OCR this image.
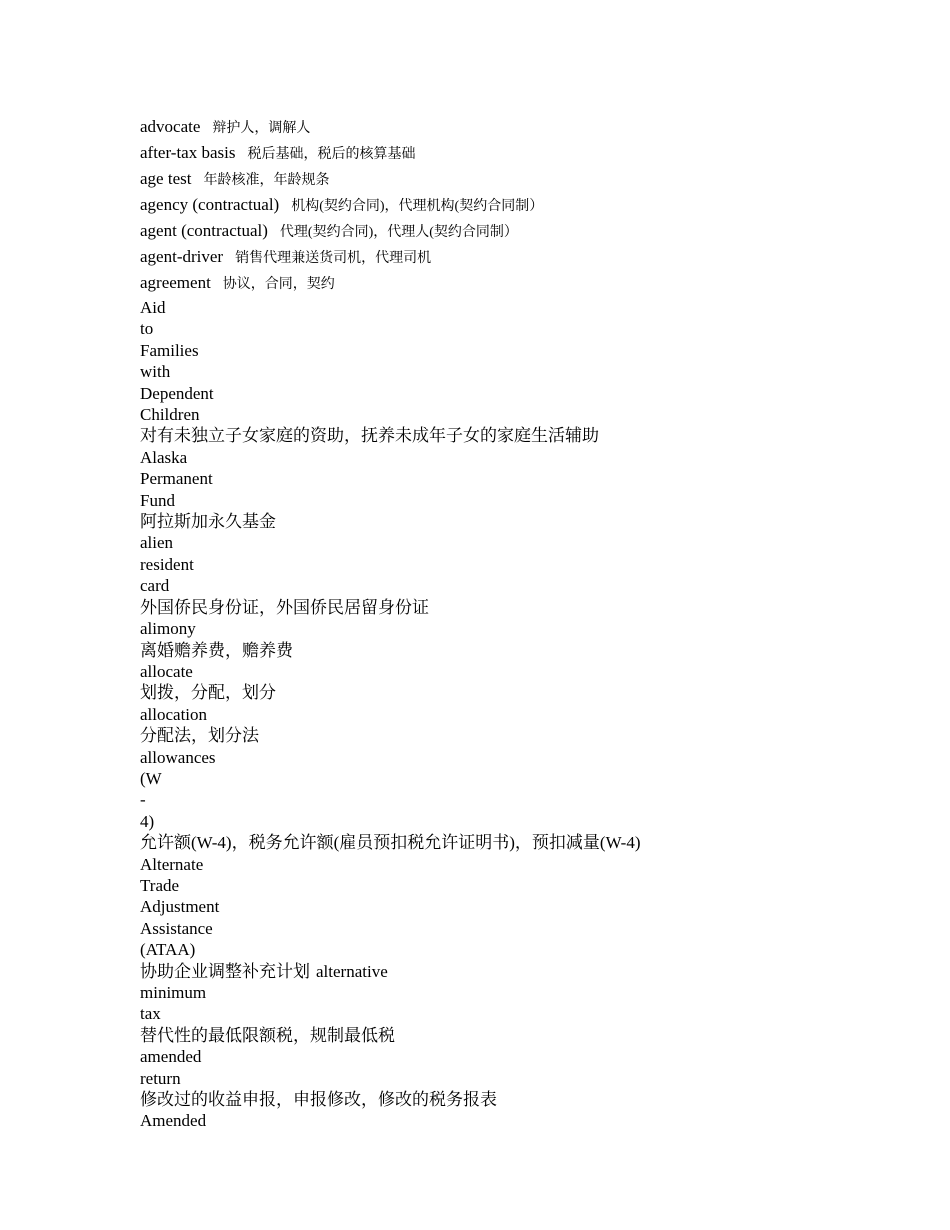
advocate 辩护人，调解人
after-tax basis 税后基础，税后的核算基础
age test 年龄核准，年龄规条
agency (contractual) 机构(契约合同)，代理机构(契约合同制）
agent (contractual) 代理(契约合同)，代理人(契约合同制）
agent-driver 销售代理兼送货司机，代理司机
agreement 协议，合同，契约
Aid
to
Families
with
Dependent
Children
对有未独立子女家庭的资助，抚养未成年子女的家庭生活辅助
Alaska
Permanent
Fund
阿拉斯加永久基金
alien
resident
card
外国侨民身份证，外国侨民居留身份证
alimony
离婚赡养费，赡养费
allocate
划拨，分配，划分
allocation
分配法，划分法
allowances
(W
-
4)
允许额(W-4)，税务允许额(雇员预扣税允许证明书)，预扣减量(W-4)
Alternate
Trade
Adjustment
Assistance
(ATAA)
协助企业调整补充计划 alternative
minimum
tax
替代性的最低限额税，规制最低税
amended
return
修改过的收益申报，申报修改，修改的税务报表
Amended
